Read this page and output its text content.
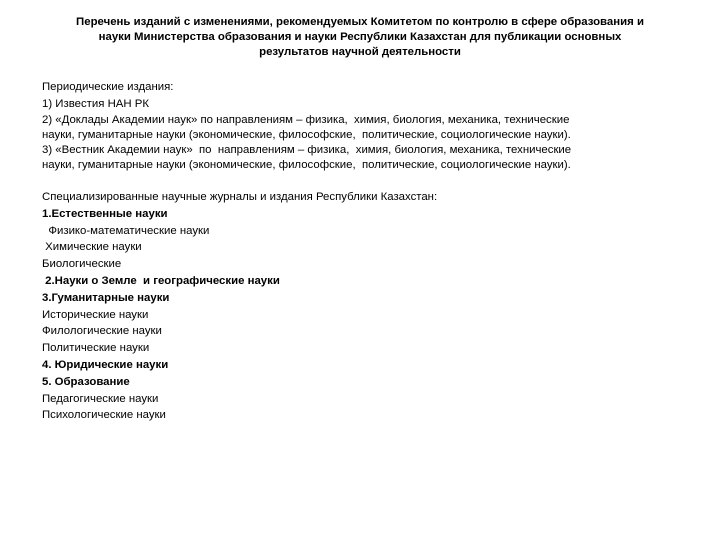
Перечень изданий с изменениями, рекомендуемых Комитетом по контролю в сфере образования и
науки Министерства образования и науки Республики Казахстан для публикации основных
результатов научной деятельности
Периодические издания:
1) Известия НАН РК
2) «Доклады Академии наук» по направлениям – физика,  химия, биология, механика, технические
науки, гуманитарные науки (экономические, философские,  политические, социологические науки).
3) «Вестник Академии наук»  по  направлениям – физика,  химия, биология, механика, технические
науки, гуманитарные науки (экономические, философские,  политические, социологические науки).
Специализированные научные журналы и издания Республики Казахстан:
1.Естественные науки
Физико-математические науки
Химические науки
Биологические
2.Науки о Земле  и географические науки
3.Гуманитарные науки
Исторические науки
Филологические науки
Политические науки
4. Юридические науки
5. Образование
Педагогические науки
Психологические науки
